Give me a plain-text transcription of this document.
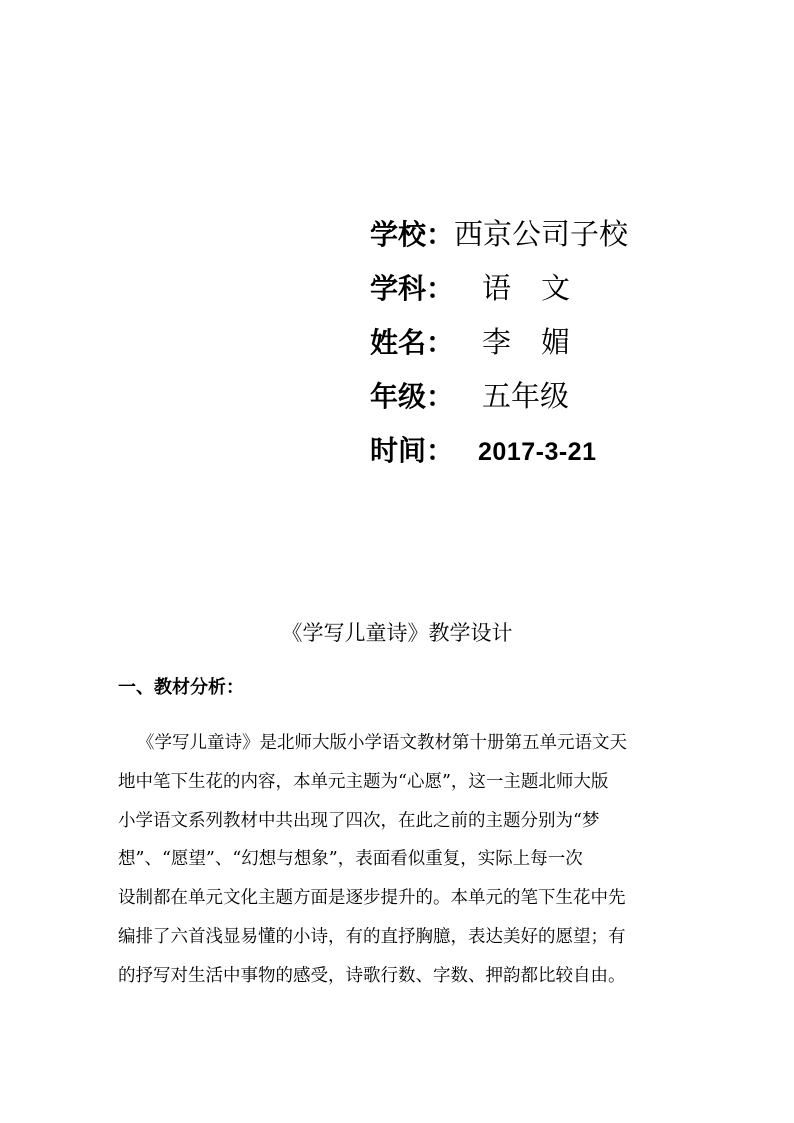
学校：西京公司子校
学科： 语文
姓名： 李媚
年级： 五年级
时间： 2017-3-21
《学写儿童诗》教学设计
一、教材分析：
《学写儿童诗》是北师大版小学语文教材第十册第五单元语文天
地中笔下生花的内容，本单元主题为“心愿”，这一主题北师大版
小学语文系列教材中共出现了四次，在此之前的主题分别为“梦
想”、“愿望”、“幻想与想象”，表面看似重复，实际上每一次
设制都在单元文化主题方面是逐步提升的。本单元的笔下生花中先
编排了六首浅显易懂的小诗，有的直抒胸臆，表达美好的愿望；有
的抒写对生活中事物的感受，诗歌行数、字数、押韵都比较自由。
